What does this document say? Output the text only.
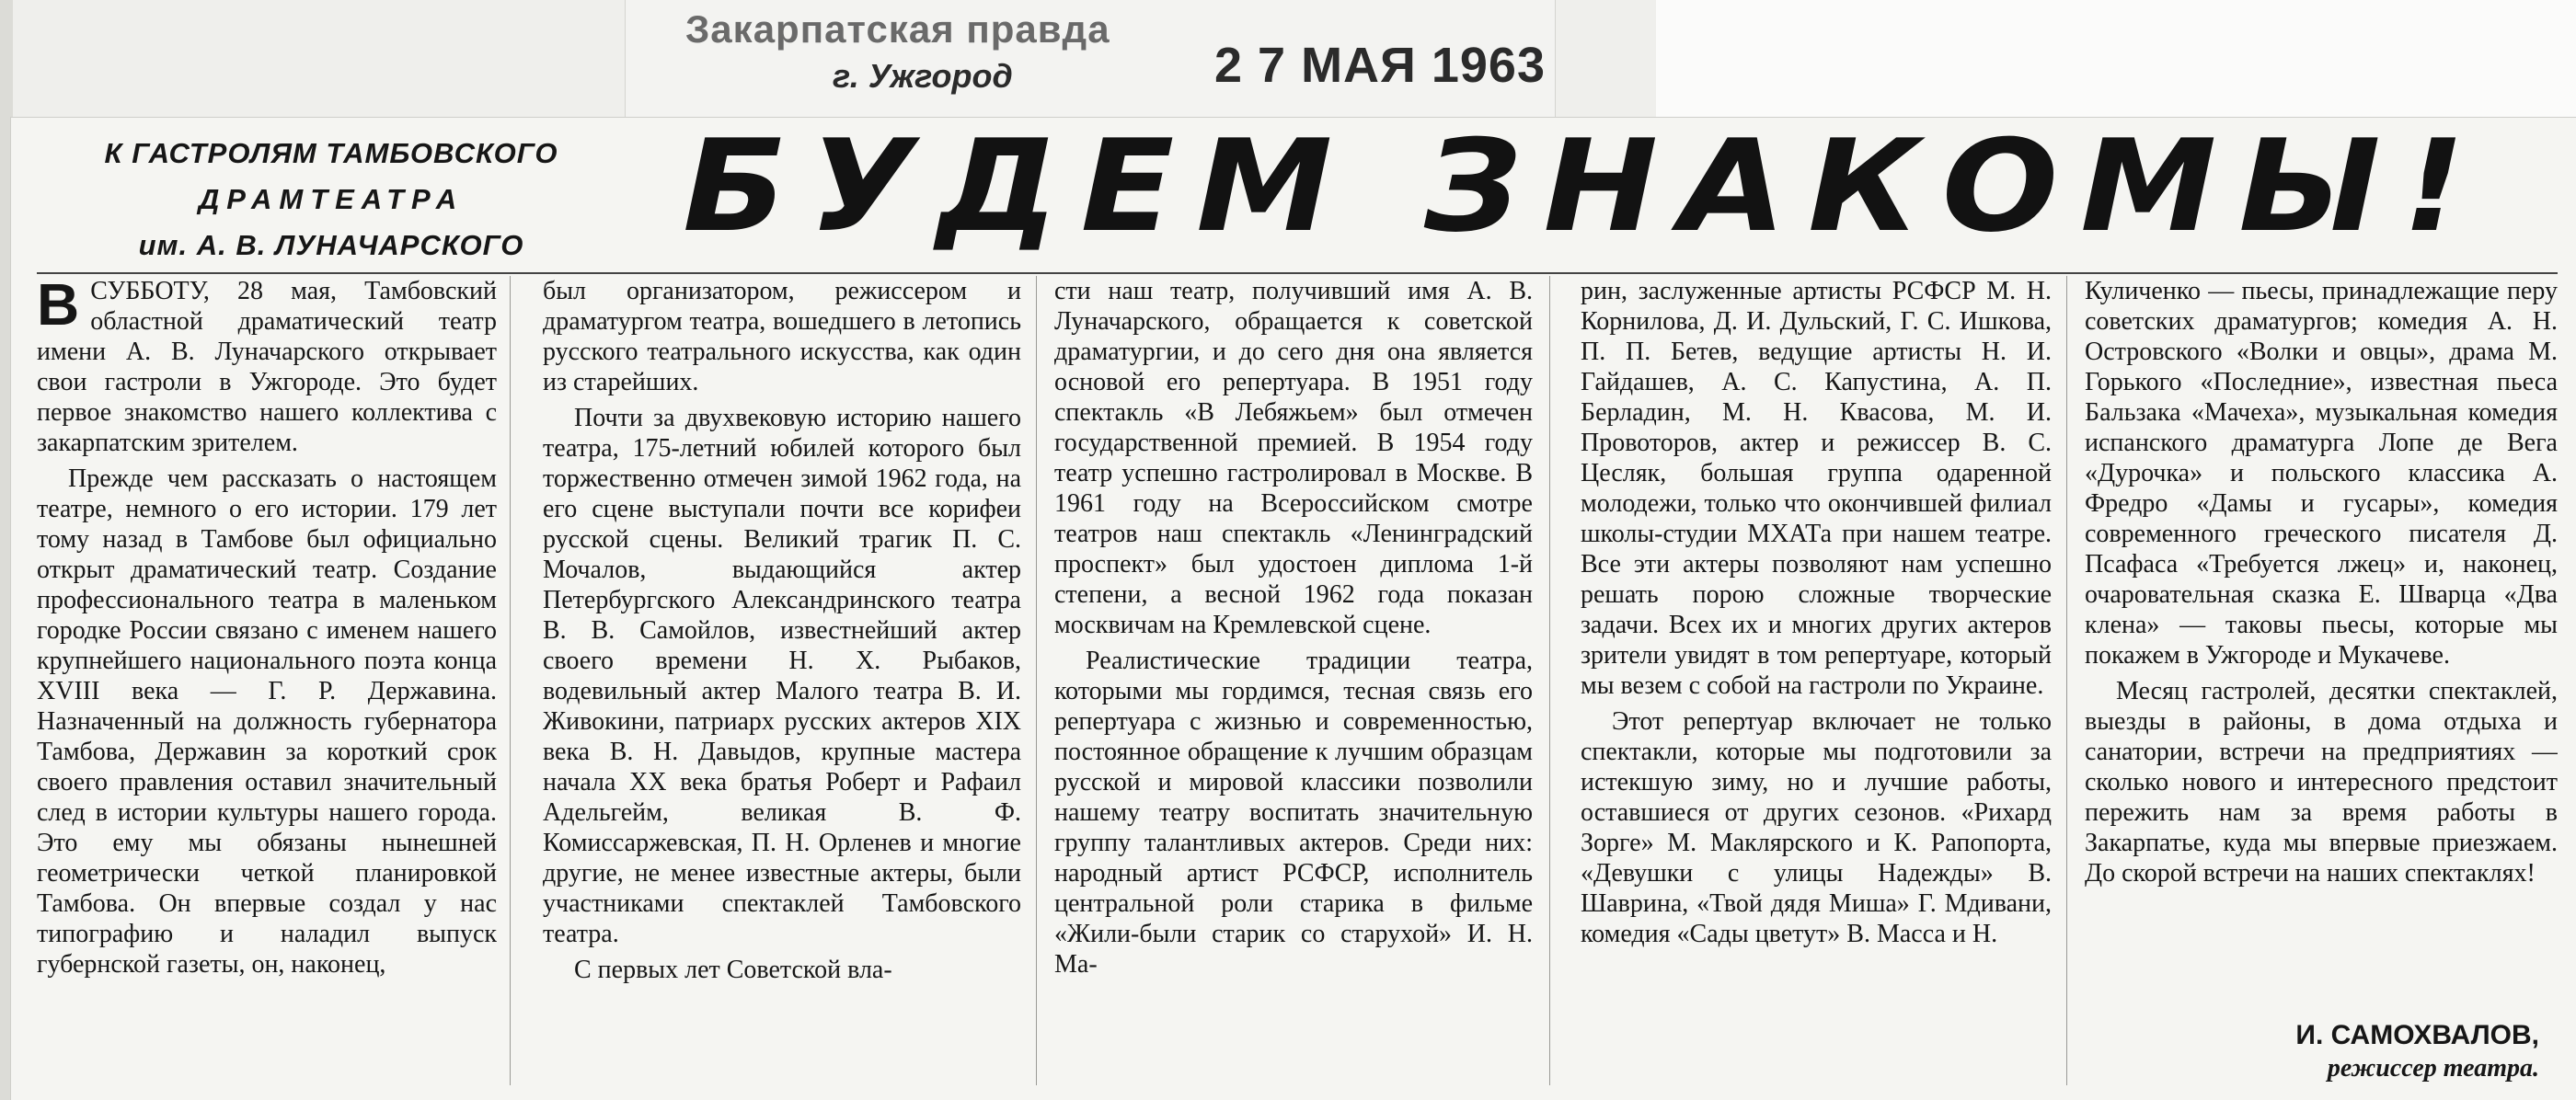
Закарпатская правда
г. Ужгород	2 7 МАЯ 1963
К ГАСТРОЛЯМ ТАМБОВСКОГО
ДРАМТЕАТРА
им. А. В. ЛУНАЧАРСКОГО	БУДЕМ ЗНАКОМЫ!

ВСУББОТУ, 28 мая, Тамбовский областной драматический театр имени А. В. Луначарского открывает свои гастроли в Ужгороде. Это будет первое знакомство нашего коллектива с закарпатским зрителем.

Прежде чем рассказать о настоящем театре, немного о его истории. 179 лет тому назад в Тамбове был официально открыт драматический театр. Создание профессионального театра в маленьком городке России связано с именем нашего крупнейшего национального поэта конца XVIII века — Г. Р. Державина. Назначенный на должность губернатора Тамбова, Державин за короткий срок своего правления оставил значительный след в истории культуры нашего города. Это ему мы обязаны нынешней геометрически четкой планировкой Тамбова. Он впервые создал у нас типографию и наладил выпуск губернской газеты, он, наконец,

был организатором, режиссером и драматургом театра, вошедшего в летопись русского театрального искусства, как один из старейших.

Почти за двухвековую историю нашего театра, 175-летний юбилей которого был торжественно отмечен зимой 1962 года, на его сцене выступали почти все корифеи русской сцены. Великий трагик П. С. Мочалов, выдающийся актер Петербургского Александринского театра В. В. Самойлов, известнейший актер своего времени Н. Х. Рыбаков, водевильный актер Малого театра В. И. Живокини, патриарх русских актеров XIX века В. Н. Давыдов, крупные мастера начала XX века братья Роберт и Рафаил Адельгейм, великая В. Ф. Комиссаржевская, П. Н. Орленев и многие другие, не менее известные актеры, были участниками спектаклей Тамбовского театра.

С первых лет Советской вла-

сти наш театр, получивший имя А. В. Луначарского, обращается к советской драматургии, и до сего дня она является основой его репертуара. В 1951 году спектакль «В Лебяжьем» был отмечен государственной премией. В 1954 году театр успешно гастролировал в Москве. В 1961 году на Всероссийском смотре театров наш спектакль «Ленинградский проспект» был удостоен диплома 1-й степени, а весной 1962 года показан москвичам на Кремлевской сцене.

Реалистические традиции театра, которыми мы гордимся, тесная связь его репертуара с жизнью и современностью, постоянное обращение к лучшим образцам русской и мировой классики позволили нашему театру воспитать значительную группу талантливых актеров. Среди них: народный артист РСФСР, исполнитель центральной роли старика в фильме «Жили-были старик со старухой» И. Н. Ма-

рин, заслуженные артисты РСФСР М. Н. Корнилова, Д. И. Дульский, Г. С. Ишкова, П. П. Бетев, ведущие артисты Н. И. Гайдашев, А. С. Капустина, А. П. Берладин, М. Н. Квасова, М. И. Провоторов, актер и режиссер В. С. Цесляк, большая группа одаренной молодежи, только что окончившей филиал школы-студии МХАТа при нашем театре. Все эти актеры позволяют нам успешно решать порою сложные творческие задачи. Всех их и многих других актеров зрители увидят в том репертуаре, который мы везем с собой на гастроли по Украине.

Этот репертуар включает не только спектакли, которые мы подготовили за истекшую зиму, но и лучшие работы, оставшиеся от других сезонов. «Рихард Зорге» М. Маклярского и К. Рапопорта, «Девушки с улицы Надежды» В. Шаврина, «Твой дядя Миша» Г. Мдивани, комедия «Сады цветут» В. Масса и Н.

Куличенко — пьесы, принадлежащие перу советских драматургов; комедия А. Н. Островского «Волки и овцы», драма М. Горького «Последние», известная пьеса Бальзака «Мачеха», музыкальная комедия испанского драматурга Лопе де Вега «Дурочка» и польского классика А. Фредро «Дамы и гусары», комедия современного греческого писателя Д. Псафаса «Требуется лжец» и, наконец, очаровательная сказка Е. Шварца «Два клена» — таковы пьесы, которые мы покажем в Ужгороде и Мукачеве.

Месяц гастролей, десятки спектаклей, выезды в районы, в дома отдыха и санатории, встречи на предприятиях — сколько нового и интересного предстоит пережить нам за время работы в Закарпатье, куда мы впервые приезжаем. До скорой встречи на наших спектаклях!

И. САМОХВАЛОВ,
режиссер театра.
